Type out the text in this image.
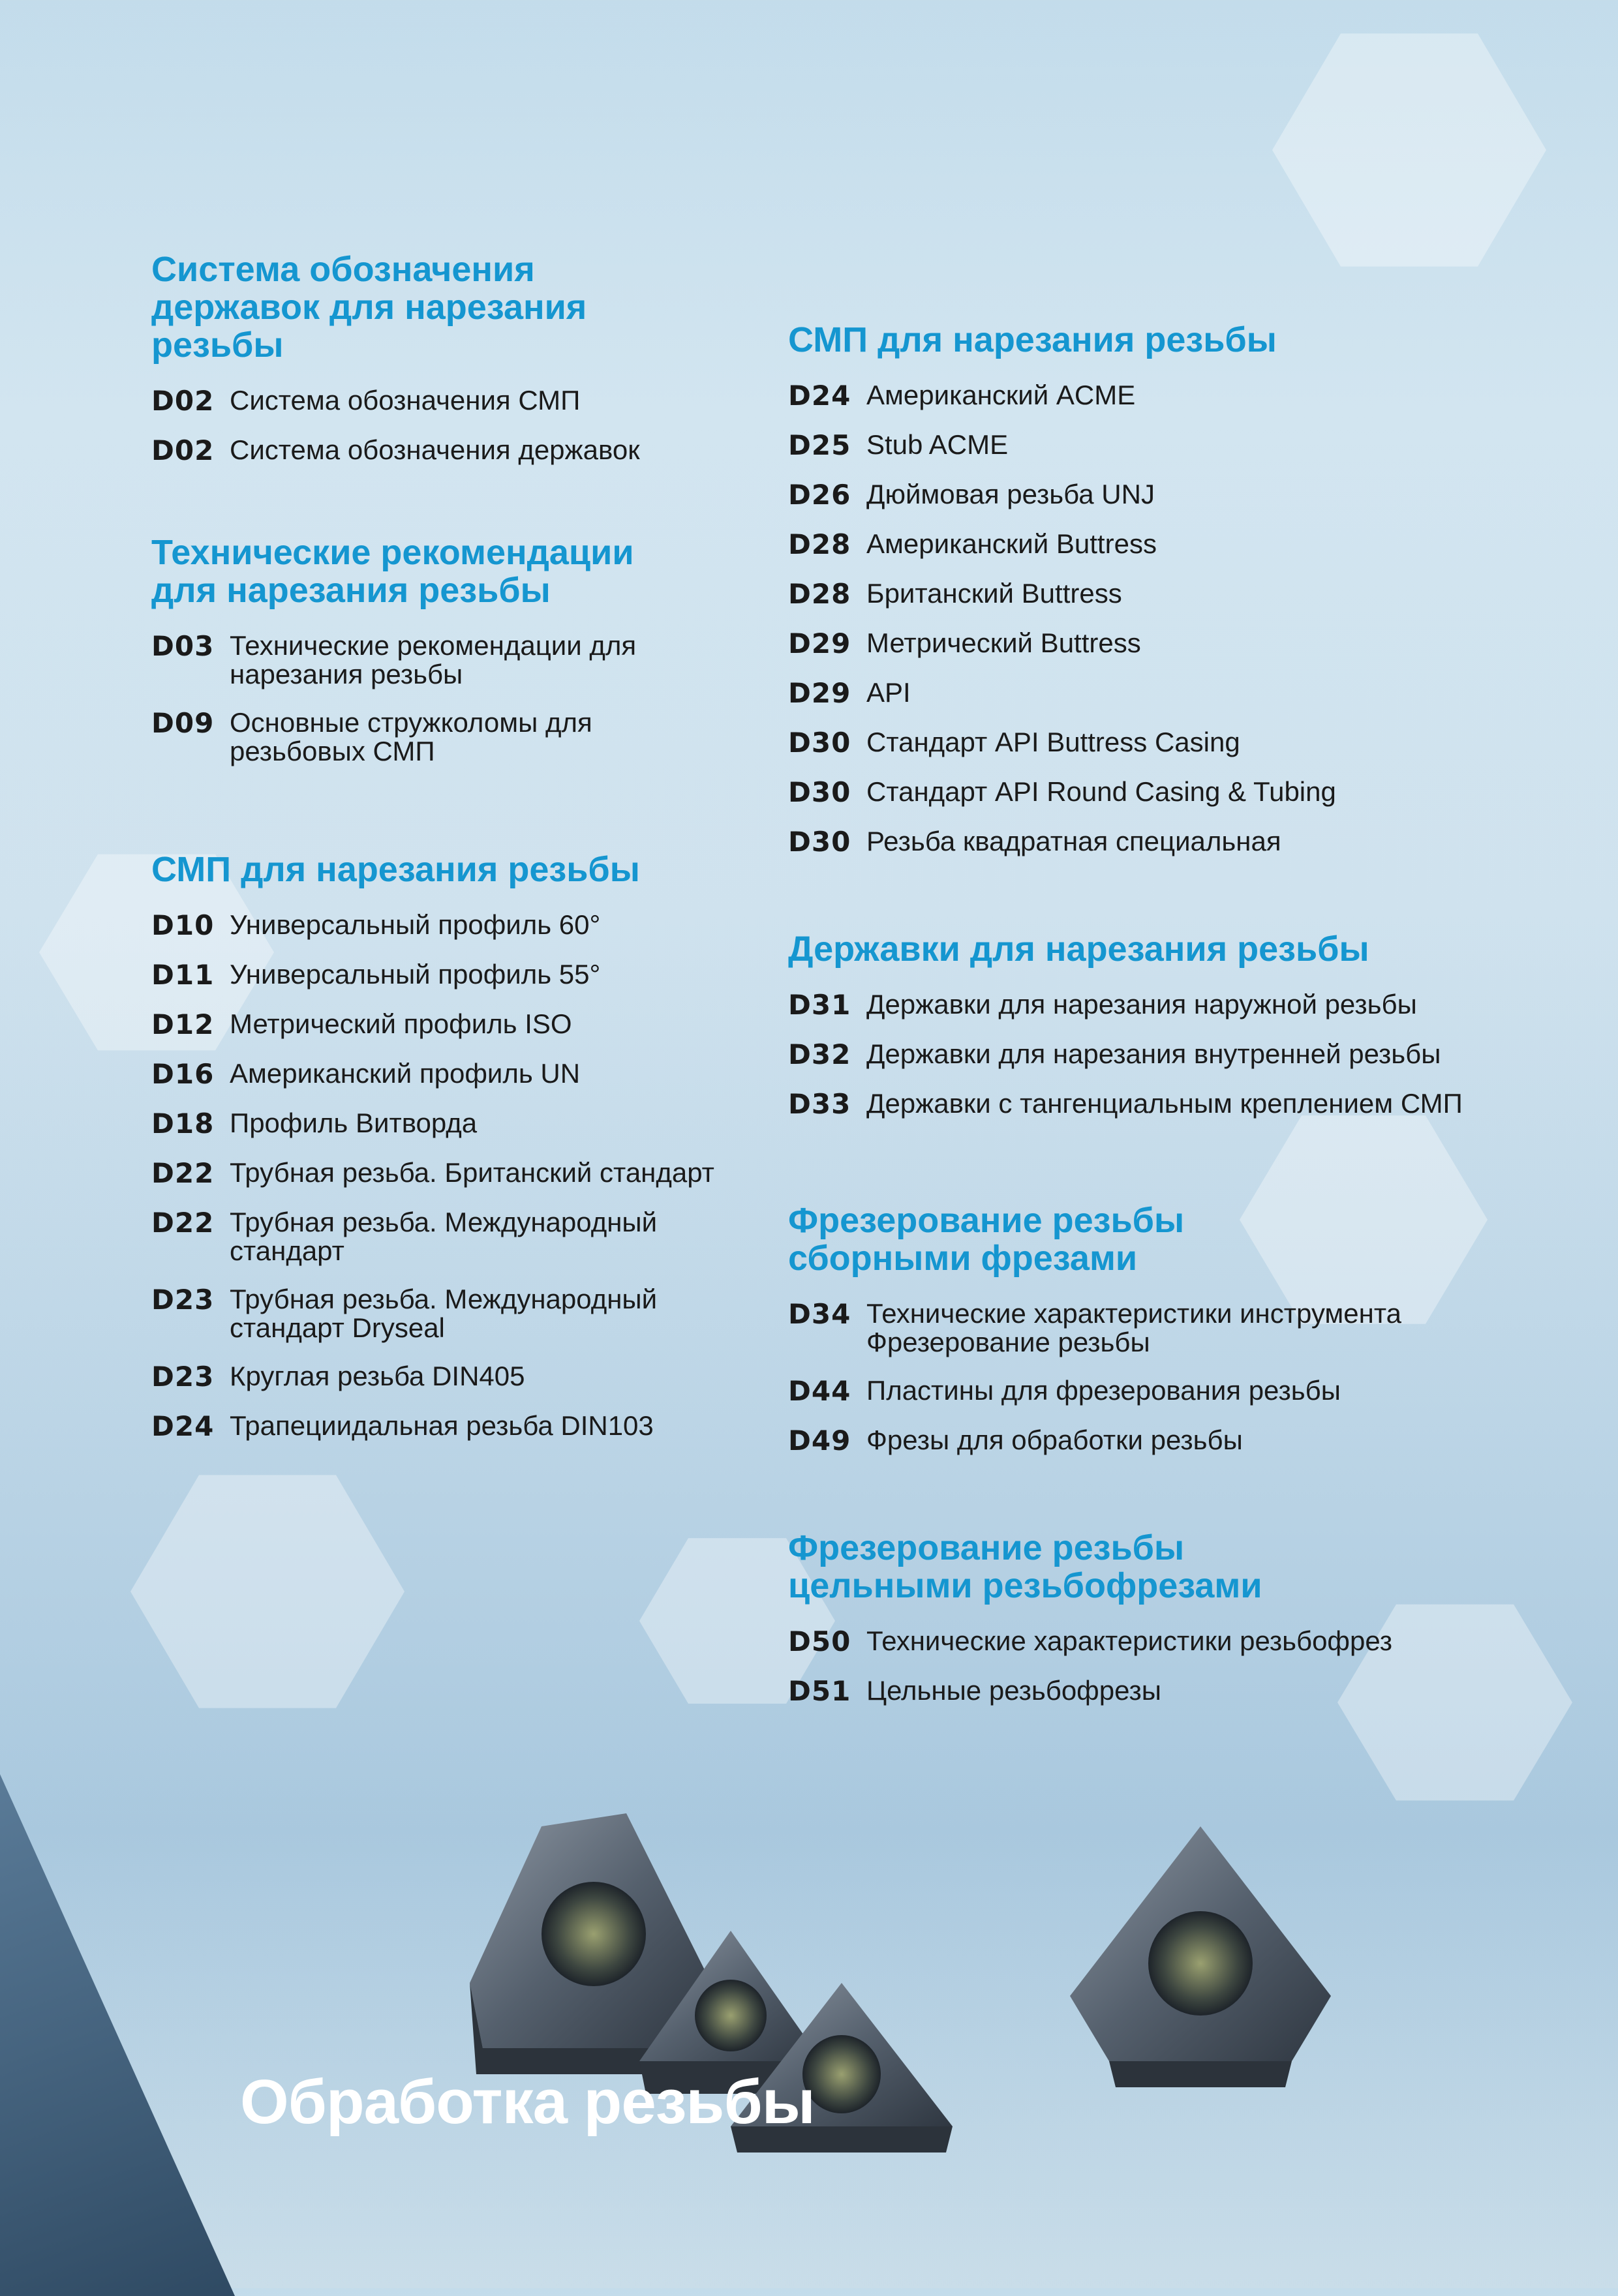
Система обозначения
державок для нарезания
резьбы
D02 Система обозначения СМП
D02 Система обозначения державок
Технические рекомендации
для нарезания резьбы
D03 Технические рекомендации для
нарезания резьбы
D09 Основные стружколомы для
резьбовых СМП
СМП для нарезания резьбы
D10 Универсальный профиль 60°
D11 Универсальный профиль 55°
D12 Метрический профиль ISO
D16 Американский профиль UN
D18 Профиль Витворда
D22 Трубная резьба. Британский стандарт
D22 Трубная резьба. Международный
стандарт
D23 Трубная резьба. Международный
стандарт Dryseal
D23 Круглая резьба DIN405
D24 Трапециидальная резьба DIN103
СМП для нарезания резьбы
D24 Американский ACME
D25 Stub ACME
D26 Дюймовая резьба UNJ
D28 Американский Buttress
D28 Британский Buttress
D29 Метрический Buttress
D29 API
D30 Стандарт API Buttress Casing
D30 Стандарт API Round Casing & Tubing
D30 Резьба квадратная специальная
Державки для нарезания резьбы
D31 Державки для нарезания наружной резьбы
D32 Державки для нарезания внутренней резьбы
D33 Державки с тангенциальным креплением СМП
Фрезерование резьбы
сборными фрезами
D34 Технические характеристики инструмента
Фрезерование резьбы
D44 Пластины для фрезерования резьбы
D49 Фрезы для обработки резьбы
Фрезерование резьбы
цельными резьбофрезами
D50 Технические характеристики резьбофрез
D51 Цельные резьбофрезы
Обработка резьбы
